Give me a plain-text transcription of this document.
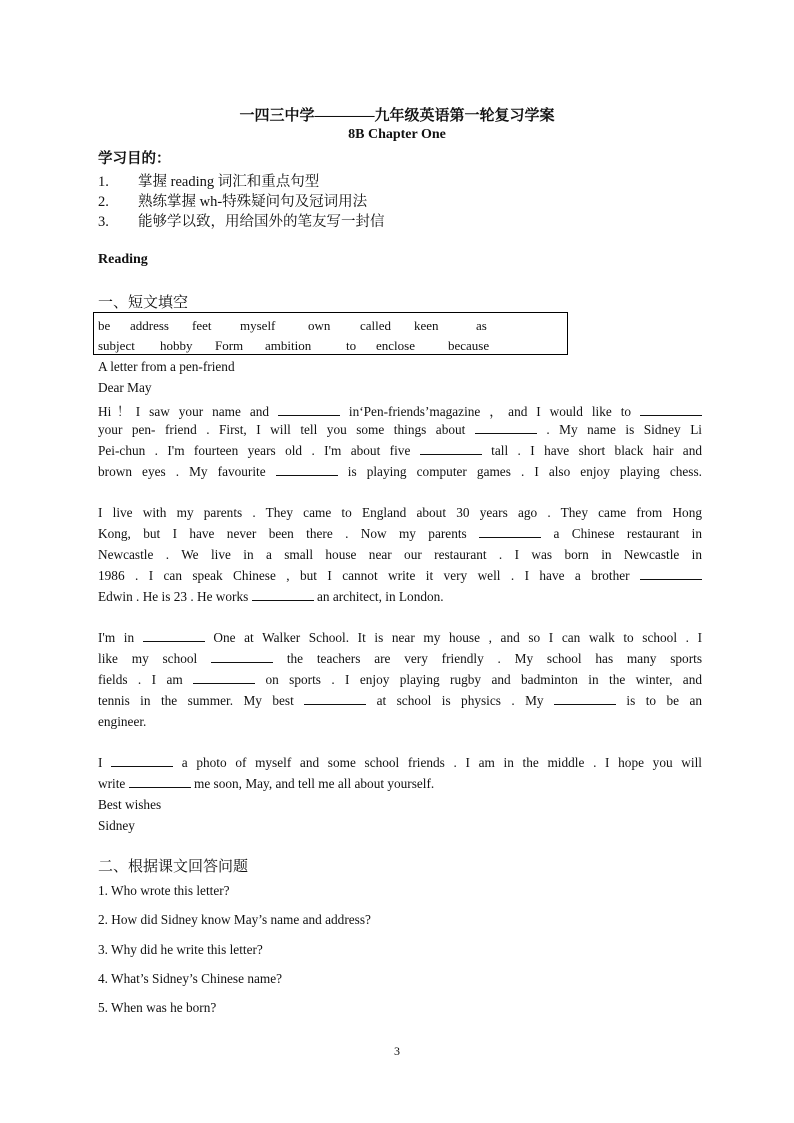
一四三中学————九年级英语第一轮复习学案
8B Chapter One
学习目的：
1. 掌握 reading 词汇和重点句型
2. 熟练掌握 wh-特殊疑问句及冠词用法
3. 能够学以致，用给国外的笔友写一封信
Reading
一、短文填空
be address feet myself	own called keen	as
subject hobby Form ambition	to enclose	because
A letter from a pen-friend
Dear May
Hi！I saw your name and	in‘Pen-friends’magazine ，and I would like to
your pen- friend . First, I will tell you some things about	. My name is Sidney Li
Pei-chun . I'm fourteen years old . I'm about five	tall . I have short black hair and
brown eyes . My favourite	is playing computer games . I also enjoy playing chess.
I live with my parents . They came to England about 30 years ago . They came from Hong
Kong, but I have never been there . Now my parents	a Chinese restaurant in
Newcastle . We live in a small house near our restaurant . I was born in Newcastle in
1986 . I can speak Chinese , but I cannot write it very well . I have a brother
Edwin . He is 23 . He works	an architect, in London.
I'm in	One at Walker School. It is near my house , and so I can walk to school . I
like my school	the teachers are very friendly . My school has many sports
fields . I am	on sports . I enjoy playing rugby and badminton in the winter, and
tennis in the summer. My best	at school is physics . My	is to be an
engineer.
I	a photo of myself and some school friends . I am in the middle . I hope you will
write	me soon, May, and tell me all about yourself.
Best wishes
Sidney
二、根据课文回答问题
1. Who wrote this letter?
2. How did Sidney know May’s name and address?
3. Why did he write this letter?
4. What’s Sidney’s Chinese name?
5. When was he born?
3
